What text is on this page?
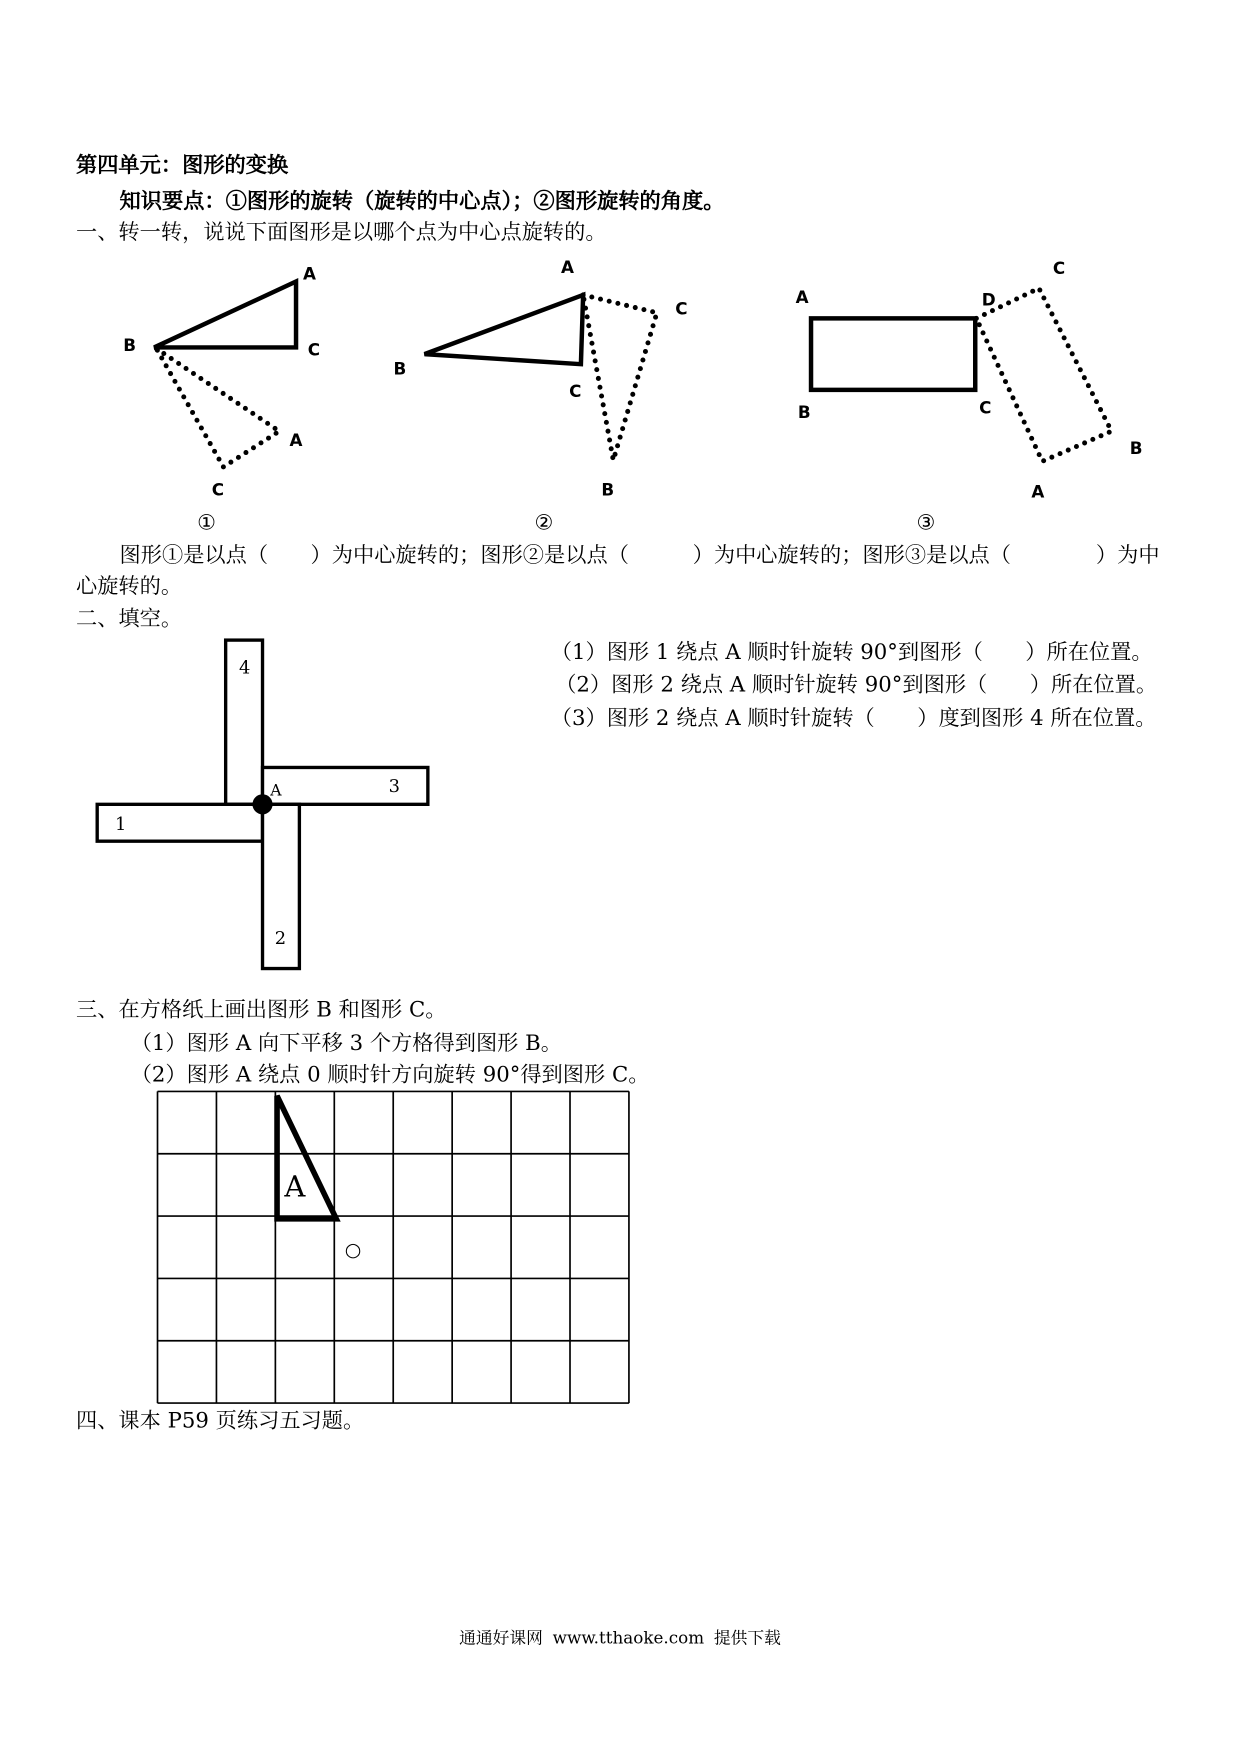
第四单元：图形的变换
知识要点：①图形的旋转（旋转的中心点）；②图形旋转的角度。
一、转一转，说说下面图形是以哪个点为中心点旋转的。
A
B	C
A
C
A
B
C
C
B
A	D
B	C
C
B
A
①	②	③
图形①是以点（　　）为中心旋转的；图形②是以点（　　　）为中心旋转的；图形③是以点（　　　　）为中
心旋转的。
二、填空。
4
3
A
1
2
（1）图形 1 绕点 A 顺时针旋转 90°到图形（　　）所在位置。
（2）图形 2 绕点 A 顺时针旋转 90°到图形（　　）所在位置。
（3）图形 2 绕点 A 顺时针旋转（　　）度到图形 4 所在位置。
三、在方格纸上画出图形 B 和图形 C。
（1）图形 A 向下平移 3 个方格得到图形 B。
（2）图形 A 绕点 0 顺时针方向旋转 90°得到图形 C。
A
○
四、课本 P59 页练习五习题。
通通好课网 www.tthaoke.com 提供下载
